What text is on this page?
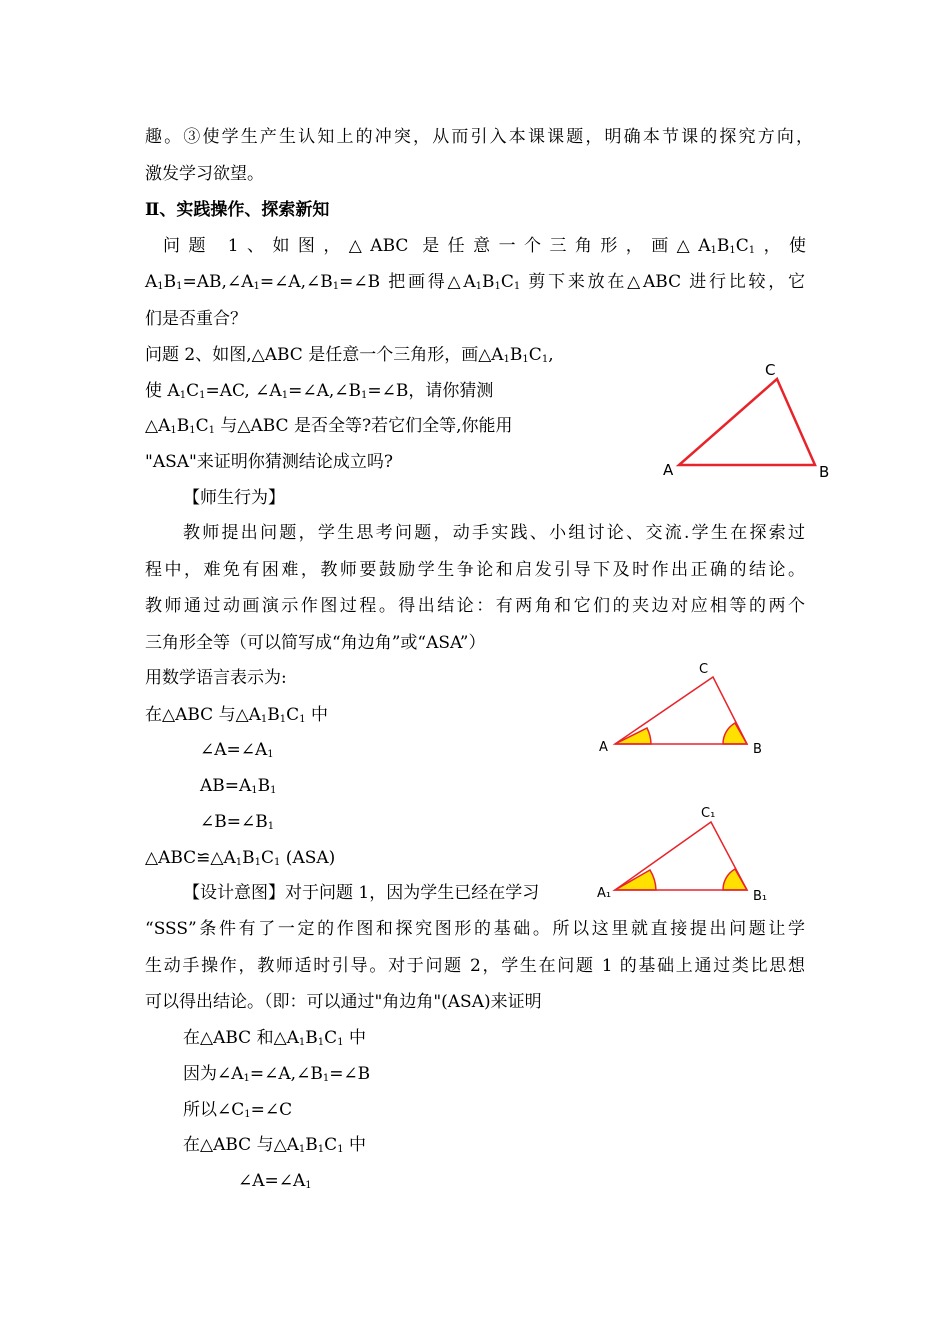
趣。③使学生产生认知上的冲突，从而引入本课课题，明确本节课的探究方向，
激发学习欲望。
Ⅱ、实践操作、探索新知
问题 1、如图，△ABC 是任意一个三角形，画$\triangle A_1B_1C_1$，使
$A_1B_1=AB,\angle A_1=\angle A,\angle B_1=\angle B$ 把画得$\triangle A_1B_1C_1$ 剪下来放在△ABC 进行比较，它
们是否重合？
问题 2、如图,△ABC 是任意一个三角形，画$\triangle A_1B_1C_1$,
使 $A_1C_1=AC$, $\angle A_1=\angle A,\angle B_1=\angle B$，请你猜测
$\triangle A_1B_1C_1$ 与△ABC 是否全等?若它们全等,你能用
"ASA"来证明你猜测结论成立吗?
【师生行为】
教师提出问题，学生思考问题，动手实践、小组讨论、交流.学生在探索过
程中，难免有困难，教师要鼓励学生争论和启发引导下及时作出正确的结论。
教师通过动画演示作图过程。得出结论：有两角和它们的夹边对应相等的两个
三角形全等（可以简写成“角边角”或“ASA”）
用数学语言表示为:
在△ABC 与$\triangle A_1B_1C_1$ 中
$\angle A=\angle A_1$
$AB=A_1B_1$
$\angle B=\angle B_1$
$\triangle ABC≌\triangle A_1B_1C_1$ (ASA)
【设计意图】对于问题 1，因为学生已经在学习
“SSS”条件有了一定的作图和探究图形的基础。所以这里就直接提出问题让学
生动手操作，教师适时引导。对于问题 2，学生在问题 1 的基础上通过类比思想
可以得出结论。（即：可以通过"角边角"(ASA)来证明
在△ABC 和$\triangle A_1B_1C_1$ 中
因为$\angle A_1=\angle A,\angle B_1=\angle B$
所以$\angle C_1=\angle C$
在△ABC 与$\triangle A_1B_1C_1$ 中
$\angle A=\angle A_1$
A	B
C
A	B
C
A₁	B₁
C₁
